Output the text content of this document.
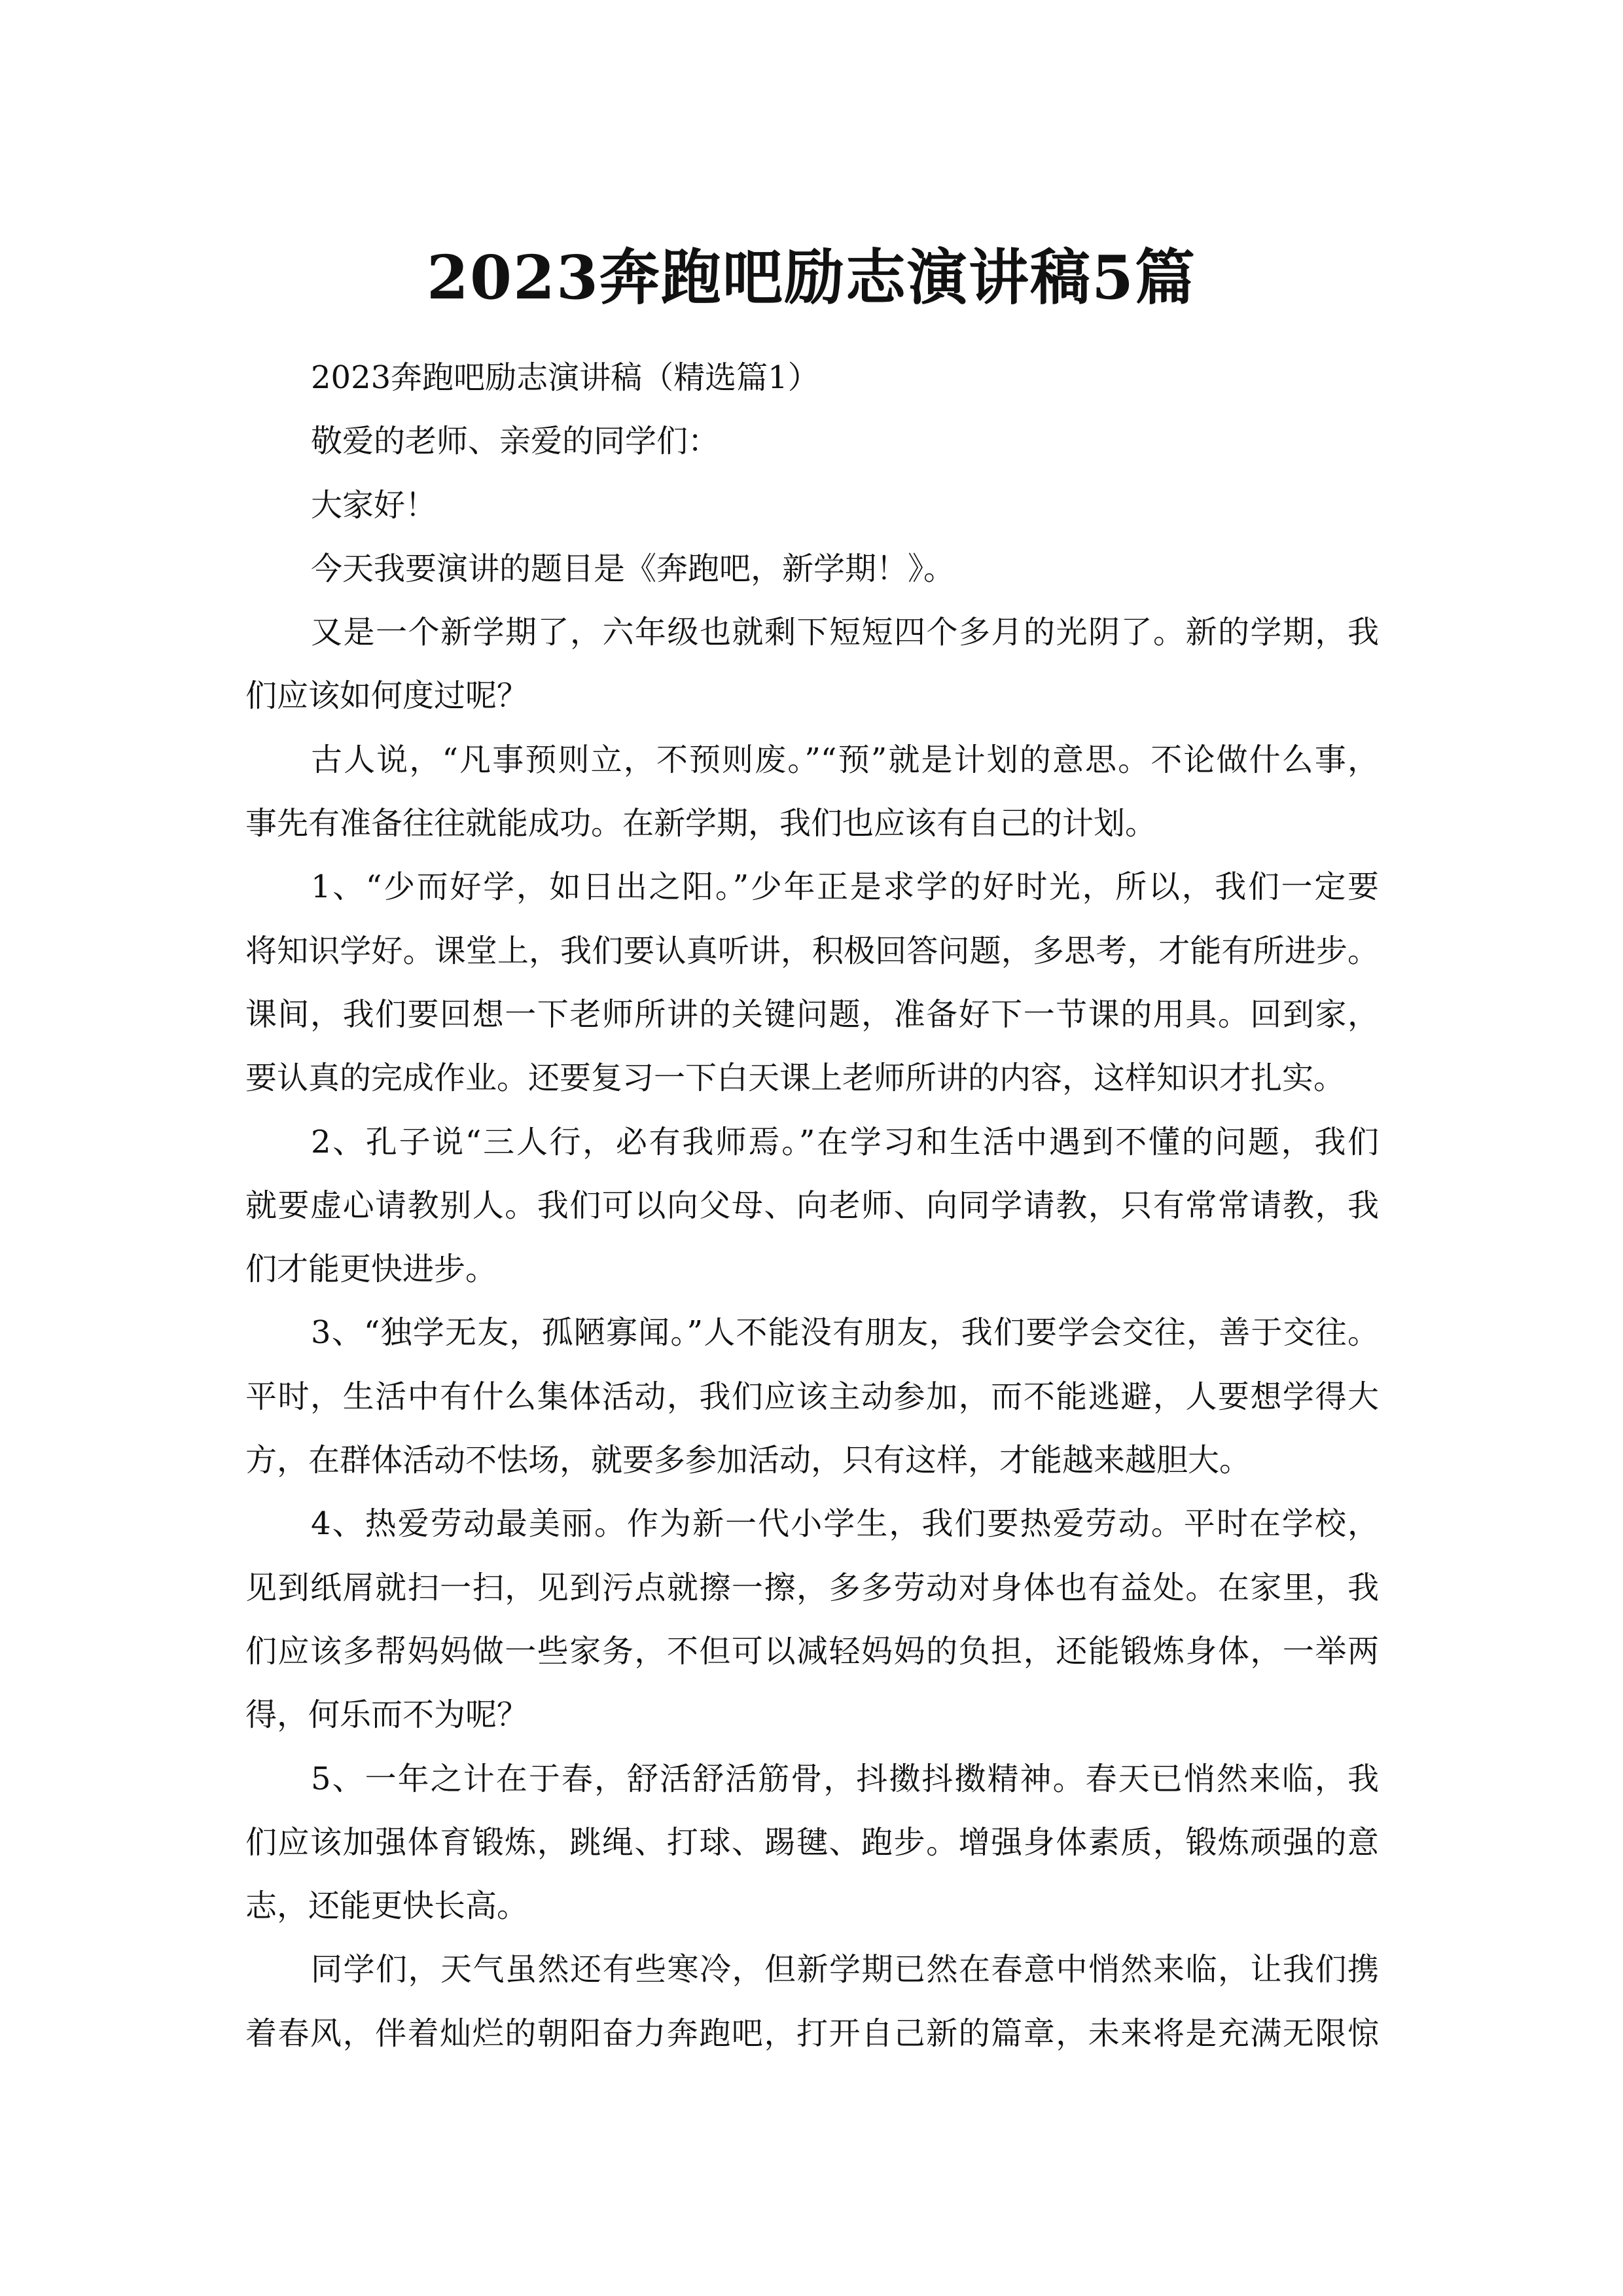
2023奔跑吧励志演讲稿5篇
2023奔跑吧励志演讲稿（精选篇1）
敬爱的老师、亲爱的同学们：
大家好！
今天我要演讲的题目是《奔跑吧，新学期！》。
又是一个新学期了，六年级也就剩下短短四个多月的光阴了。新的学期，我
们应该如何度过呢？
古人说，“凡事预则立，不预则废。”“预”就是计划的意思。不论做什么事，
事先有准备往往就能成功。在新学期，我们也应该有自己的计划。
1、“少而好学，如日出之阳。”少年正是求学的好时光，所以，我们一定要
将知识学好。课堂上，我们要认真听讲，积极回答问题，多思考，才能有所进步。
课间，我们要回想一下老师所讲的关键问题，准备好下一节课的用具。回到家，
要认真的完成作业。还要复习一下白天课上老师所讲的内容，这样知识才扎实。
2、孔子说“三人行，必有我师焉。”在学习和生活中遇到不懂的问题，我们
就要虚心请教别人。我们可以向父母、向老师、向同学请教，只有常常请教，我
们才能更快进步。
3、“独学无友，孤陋寡闻。”人不能没有朋友，我们要学会交往，善于交往。
平时，生活中有什么集体活动，我们应该主动参加，而不能逃避，人要想学得大
方，在群体活动不怯场，就要多参加活动，只有这样，才能越来越胆大。
4、热爱劳动最美丽。作为新一代小学生，我们要热爱劳动。平时在学校，
见到纸屑就扫一扫，见到污点就擦一擦，多多劳动对身体也有益处。在家里，我
们应该多帮妈妈做一些家务，不但可以减轻妈妈的负担，还能锻炼身体，一举两
得，何乐而不为呢？
5、一年之计在于春，舒活舒活筋骨，抖擞抖擞精神。春天已悄然来临，我
们应该加强体育锻炼，跳绳、打球、踢毽、跑步。增强身体素质，锻炼顽强的意
志，还能更快长高。
同学们，天气虽然还有些寒冷，但新学期已然在春意中悄然来临，让我们携
着春风，伴着灿烂的朝阳奋力奔跑吧，打开自己新的篇章，未来将是充满无限惊
